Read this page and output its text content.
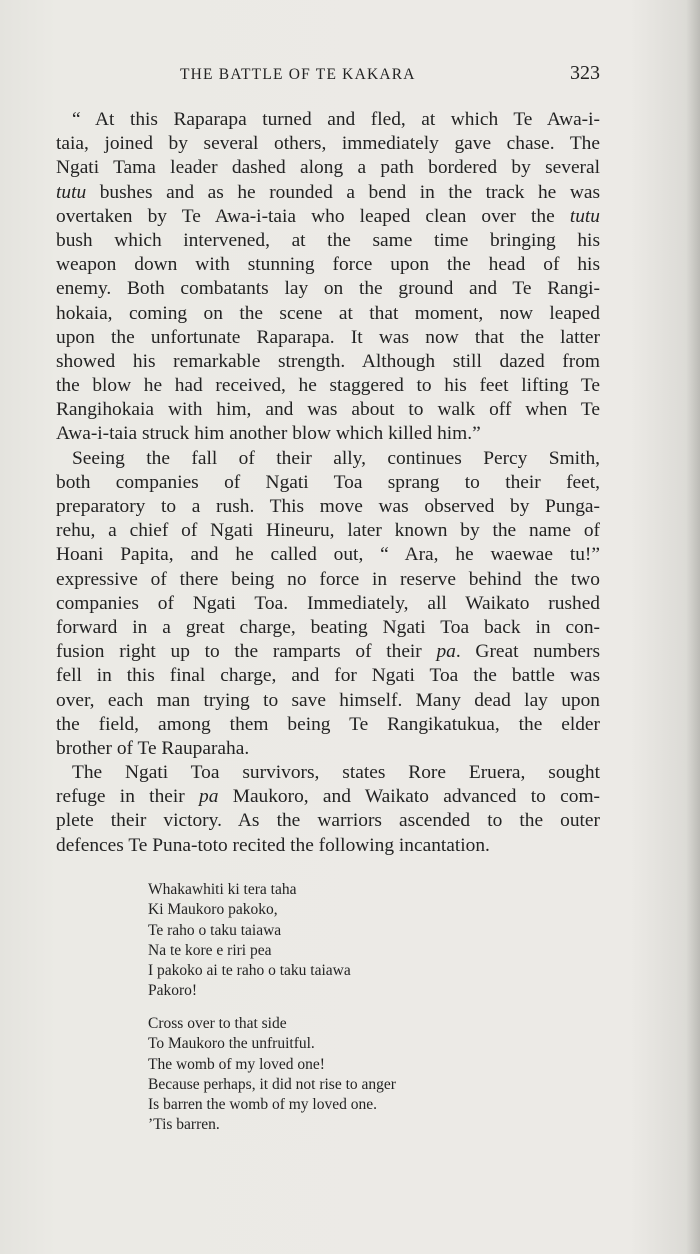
THE BATTLE OF TE KAKARA	323
“ At this Raparapa turned and fled, at which Te Awa-i-
taia, joined by several others, immediately gave chase. The
Ngati Tama leader dashed along a path bordered by several
tutu bushes and as he rounded a bend in the track he was
overtaken by Te Awa-i-taia who leaped clean over the tutu
bush which intervened, at the same time bringing his
weapon down with stunning force upon the head of his
enemy. Both combatants lay on the ground and Te Rangi-
hokaia, coming on the scene at that moment, now leaped
upon the unfortunate Raparapa. It was now that the latter
showed his remarkable strength. Although still dazed from
the blow he had received, he staggered to his feet lifting Te
Rangihokaia with him, and was about to walk off when Te
Awa-i-taia struck him another blow which killed him.”
Seeing the fall of their ally, continues Percy Smith,
both companies of Ngati Toa sprang to their feet,
preparatory to a rush. This move was observed by Punga-
rehu, a chief of Ngati Hineuru, later known by the name of
Hoani Papita, and he called out, “ Ara, he waewae tu!”
expressive of there being no force in reserve behind the two
companies of Ngati Toa. Immediately, all Waikato rushed
forward in a great charge, beating Ngati Toa back in con-
fusion right up to the ramparts of their pa. Great numbers
fell in this final charge, and for Ngati Toa the battle was
over, each man trying to save himself. Many dead lay upon
the field, among them being Te Rangikatukua, the elder
brother of Te Rauparaha.
The Ngati Toa survivors, states Rore Eruera, sought
refuge in their pa Maukoro, and Waikato advanced to com-
plete their victory. As the warriors ascended to the outer
defences Te Puna-toto recited the following incantation.
Whakawhiti ki tera taha
Ki Maukoro pakoko,
Te raho o taku taiawa
Na te kore e riri pea
I pakoko ai te raho o taku taiawa
Pakoro!
Cross over to that side
To Maukoro the unfruitful.
The womb of my loved one!
Because perhaps, it did not rise to anger
Is barren the womb of my loved one.
’Tis barren.
